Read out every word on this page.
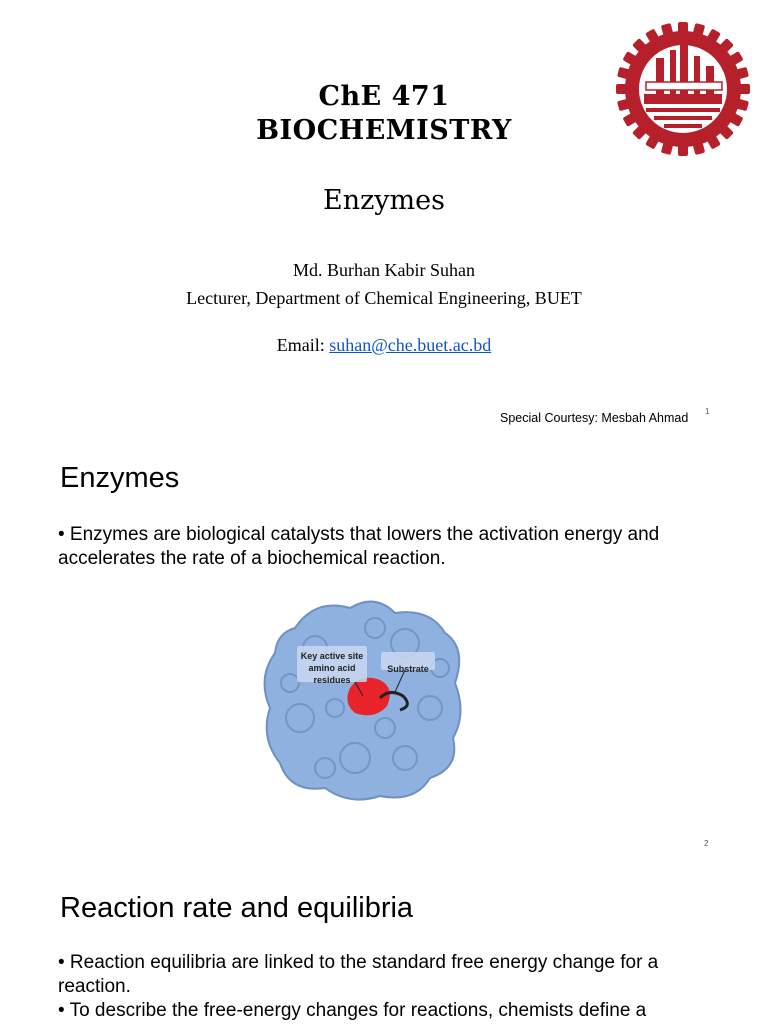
ChE 471
BIOCHEMISTRY
Enzymes
Md. Burhan Kabir Suhan
Lecturer, Department of Chemical Engineering, BUET
Email: suhan@che.buet.ac.bd
Special Courtesy: Mesbah Ahmad 1
Enzymes
• Enzymes are biological catalysts that lowers the activation energy and accelerates the rate of a biochemical reaction.
Key active site amino acid residues
Substrate
2
Reaction rate and equilibria
• Reaction equilibria are linked to the standard free energy change for a reaction.
• To describe the free-energy changes for reactions, chemists define a
